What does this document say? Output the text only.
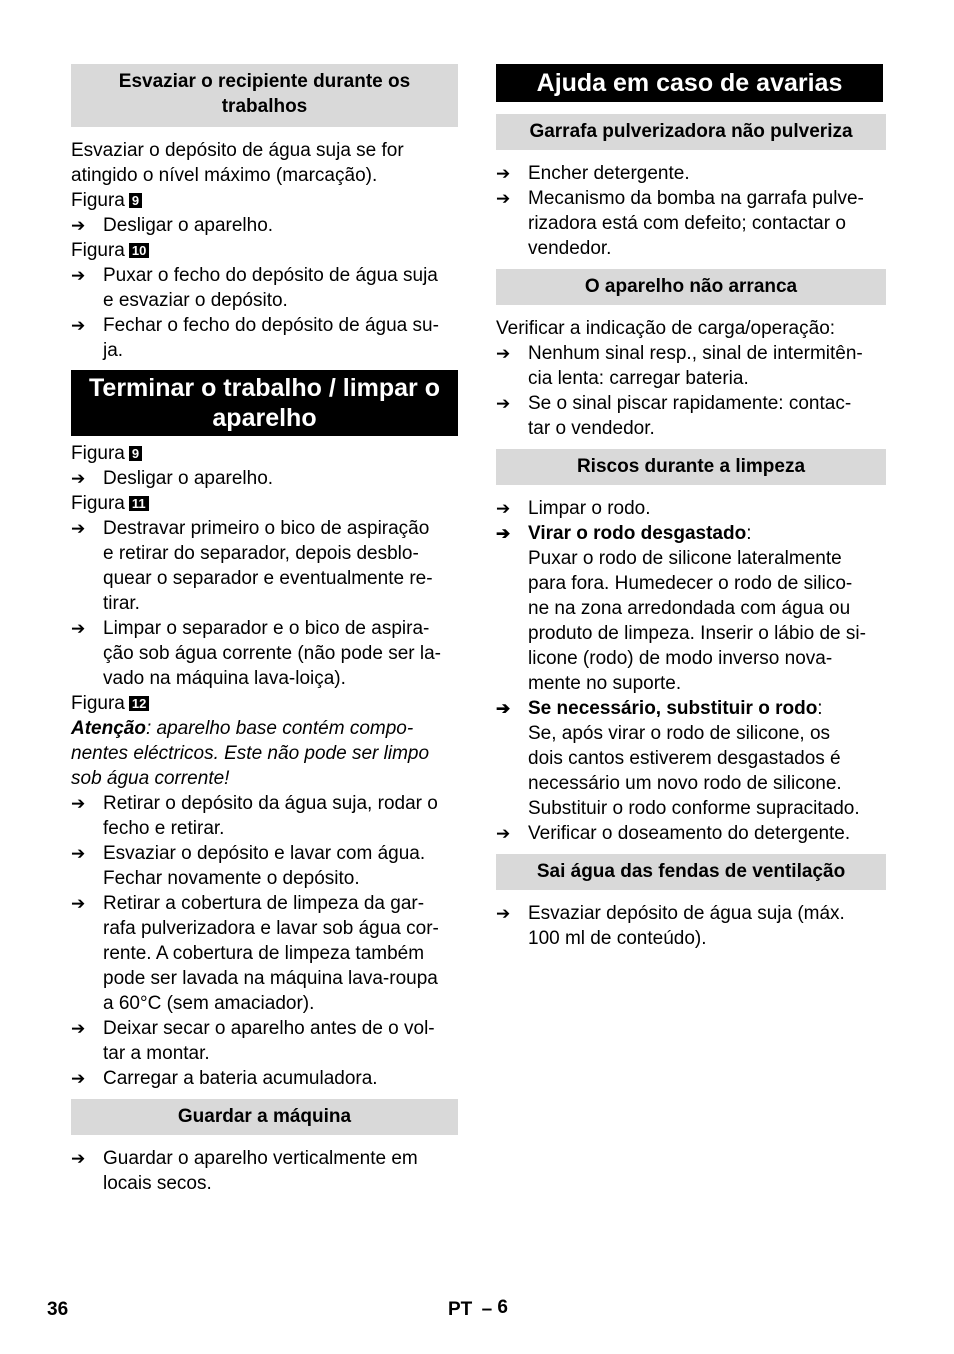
Esvaziar o recipiente durante os
trabalhos
Esvaziar o depósito de água suja se for
atingido o nível máximo (marcação).
Figura 9
➔ Desligar o aparelho.
Figura 10
➔ Puxar o fecho do depósito de água suja
e esvaziar o depósito.
➔ Fechar o fecho do depósito de água su-
ja.
Terminar o trabalho / limpar o
aparelho
Figura 9
➔ Desligar o aparelho.
Figura 11
➔ Destravar primeiro o bico de aspiração
e retirar do separador, depois desblo-
quear o separador e eventualmente re-
tirar.
➔ Limpar o separador e o bico de aspira-
ção sob água corrente (não pode ser la-
vado na máquina lava-loiça).
Figura 12
Atenção: aparelho base contém compo-
nentes eléctricos. Este não pode ser limpo
sob água corrente!
➔ Retirar o depósito da água suja, rodar o
fecho e retirar.
➔ Esvaziar o depósito e lavar com água.
Fechar novamente o depósito.
➔ Retirar a cobertura de limpeza da gar-
rafa pulverizadora e lavar sob água cor-
rente. A cobertura de limpeza também
pode ser lavada na máquina lava-roupa
a 60°C (sem amaciador).
➔ Deixar secar o aparelho antes de o vol-
tar a montar.
➔ Carregar a bateria acumuladora.
Guardar a máquina
➔ Guardar o aparelho verticalmente em
locais secos.
Ajuda em caso de avarias
Garrafa pulverizadora não pulveriza
➔ Encher detergente.
➔ Mecanismo da bomba na garrafa pulve-
rizadora está com defeito; contactar o
vendedor.
O aparelho não arranca
Verificar a indicação de carga/operação:
➔ Nenhum sinal resp., sinal de intermitên-
cia lenta: carregar bateria.
➔ Se o sinal piscar rapidamente: contac-
tar o vendedor.
Riscos durante a limpeza
➔ Limpar o rodo.
➔ Virar o rodo desgastado:
Puxar o rodo de silicone lateralmente
para fora. Humedecer o rodo de silico-
ne na zona arredondada com água ou
produto de limpeza. Inserir o lábio de si-
licone (rodo) de modo inverso nova-
mente no suporte.
➔ Se necessário, substituir o rodo:
Se, após virar o rodo de silicone, os
dois cantos estiverem desgastados é
necessário um novo rodo de silicone.
Substituir o rodo conforme supracitado.
➔ Verificar o doseamento do detergente.
Sai água das fendas de ventilação
➔ Esvaziar depósito de água suja (máx.
100 ml de conteúdo).
36	PT – 6
